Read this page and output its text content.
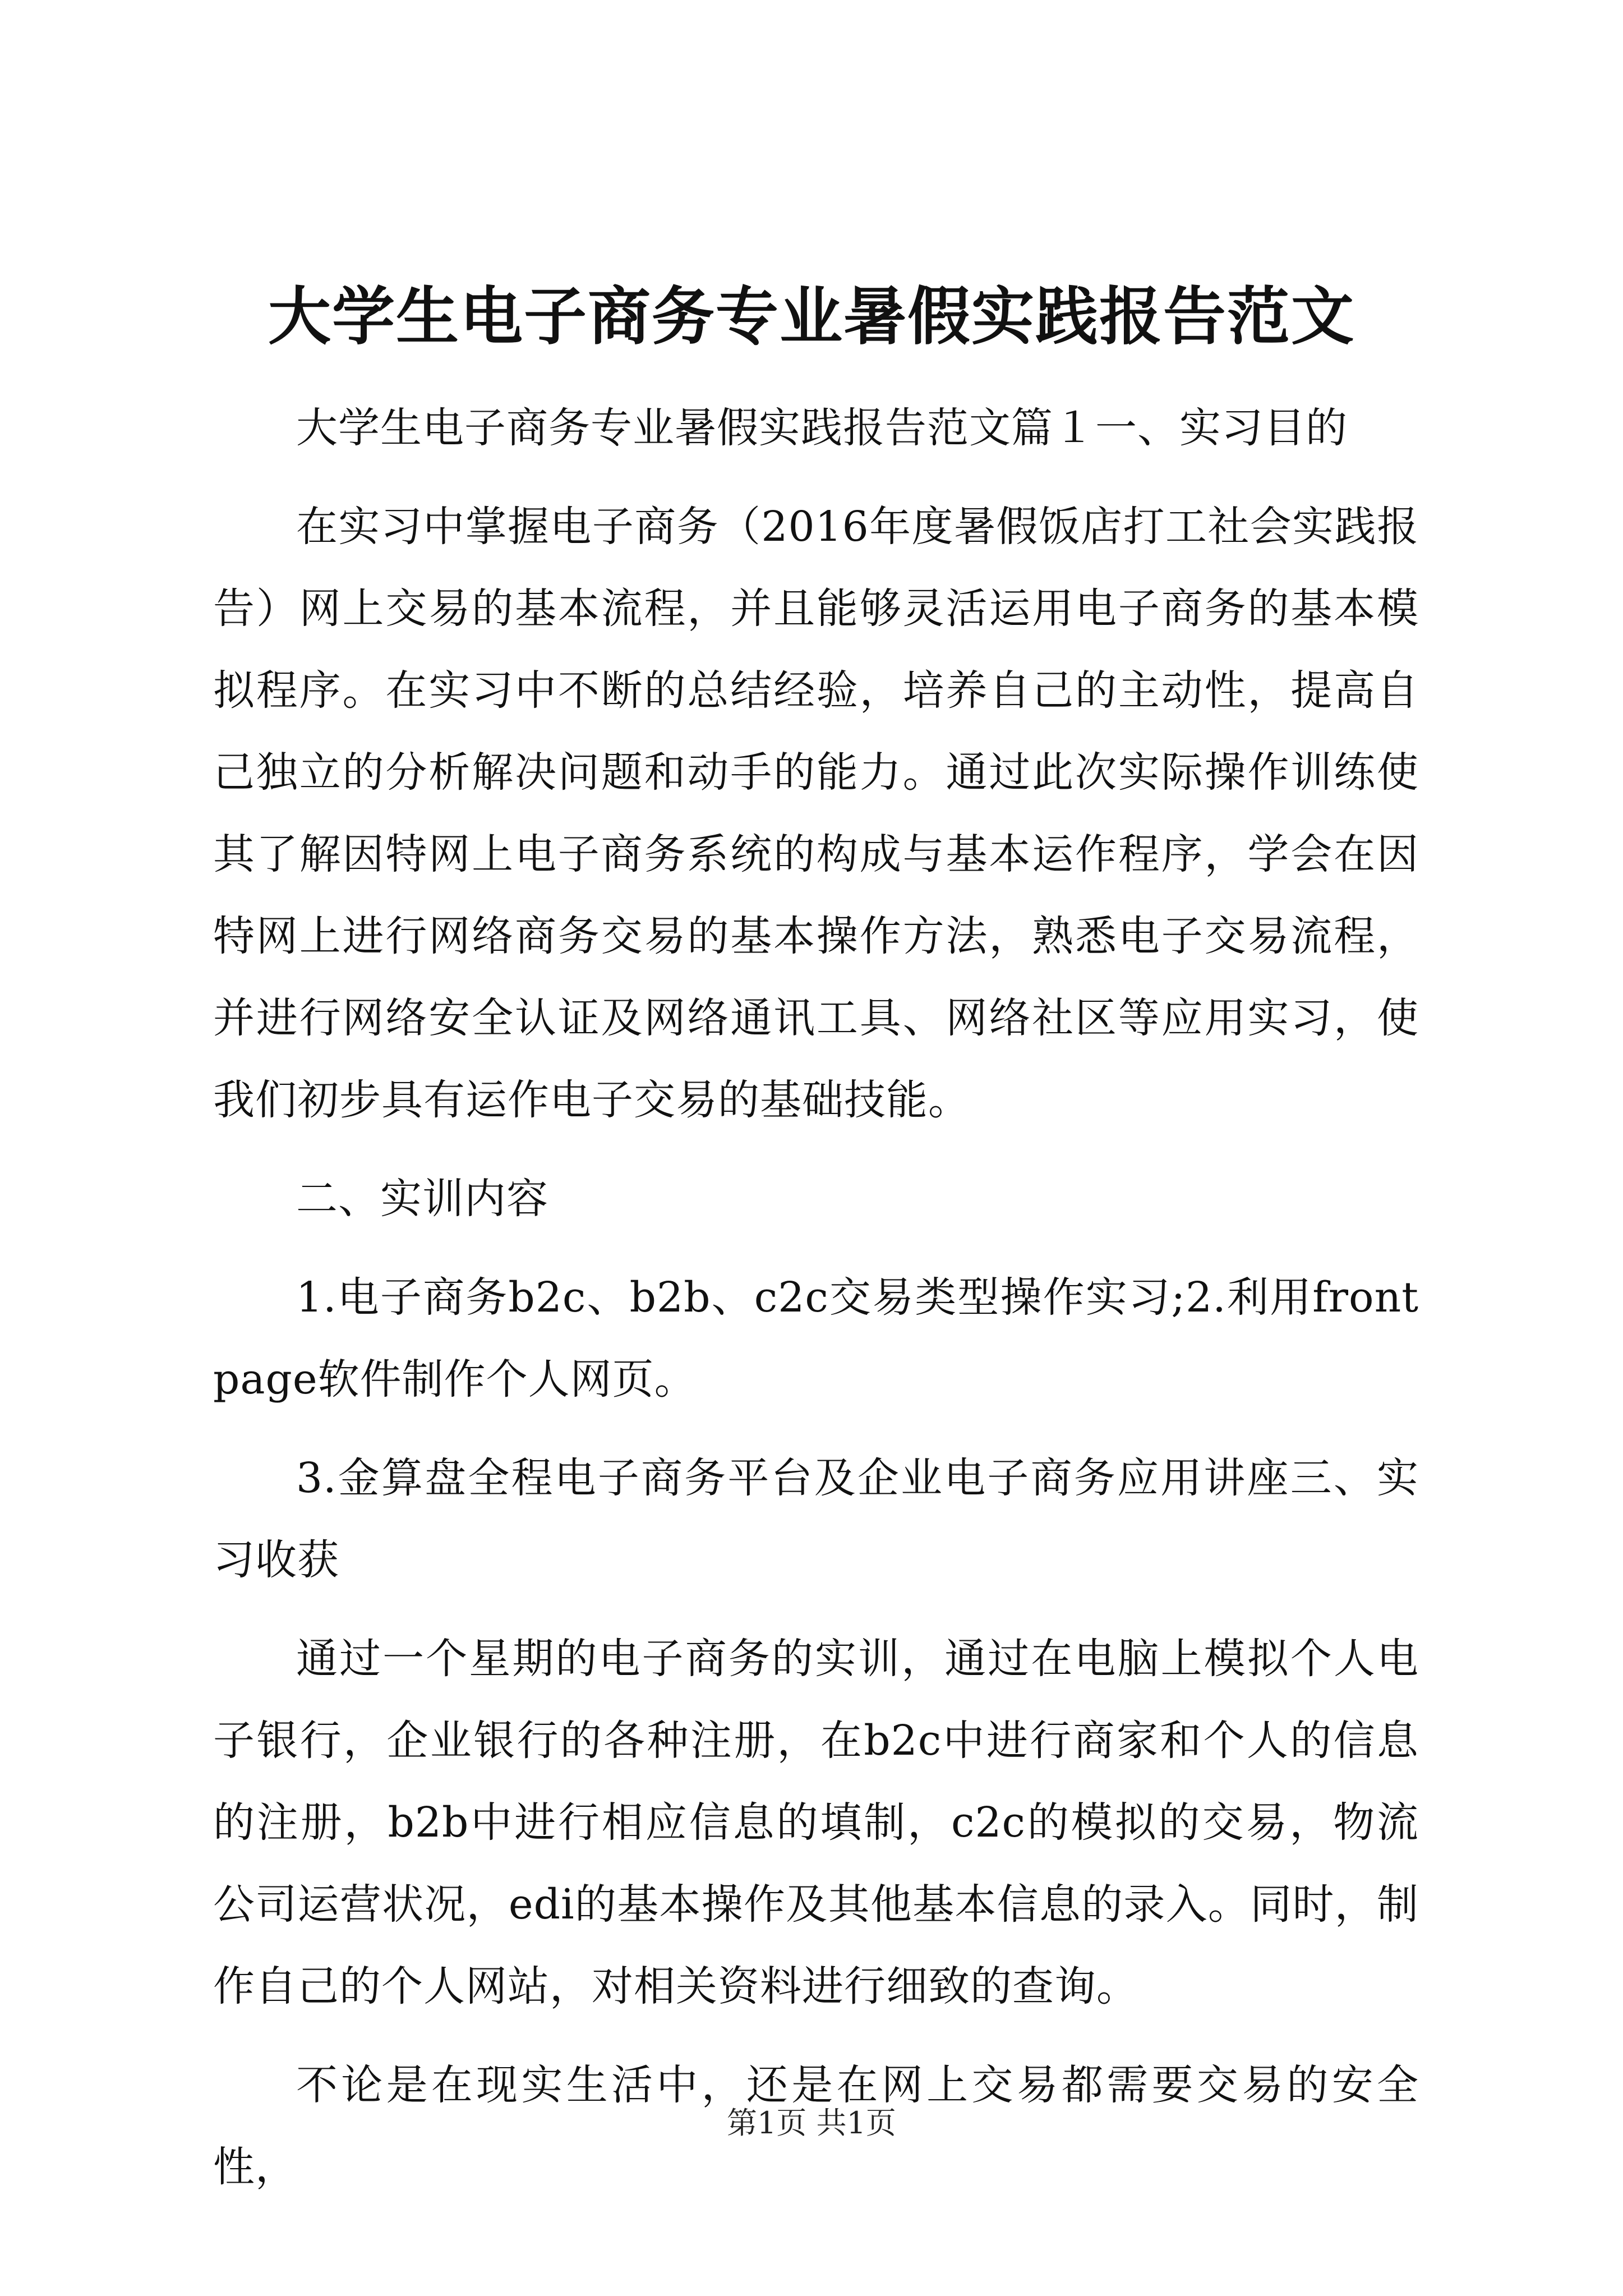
大学生电子商务专业暑假实践报告范文

大学生电子商务专业暑假实践报告范文篇１一、实习目的

在实习中掌握电子商务（2016年度暑假饭店打工社会实践报告）网上交易的基本流程，并且能够灵活运用电子商务的基本模拟程序。在实习中不断的总结经验，培养自己的主动性，提高自己独立的分析解决问题和动手的能力。通过此次实际操作训练使其了解因特网上电子商务系统的构成与基本运作程序，学会在因特网上进行网络商务交易的基本操作方法，熟悉电子交易流程，并进行网络安全认证及网络通讯工具、网络社区等应用实习，使我们初步具有运作电子交易的基础技能。

二、实训内容

1.电子商务b2c、b2b、c2c交易类型操作实习;2.利用frontpage软件制作个人网页。

3.金算盘全程电子商务平台及企业电子商务应用讲座三、实习收获

通过一个星期的电子商务的实训，通过在电脑上模拟个人电子银行，企业银行的各种注册，在b2c中进行商家和个人的信息的注册，b2b中进行相应信息的填制，c2c的模拟的交易，物流公司运营状况，edi的基本操作及其他基本信息的录入。同时，制作自己的个人网站，对相关资料进行细致的查询。

不论是在现实生活中，还是在网上交易都需要交易的安全性，

第1页 共1页
